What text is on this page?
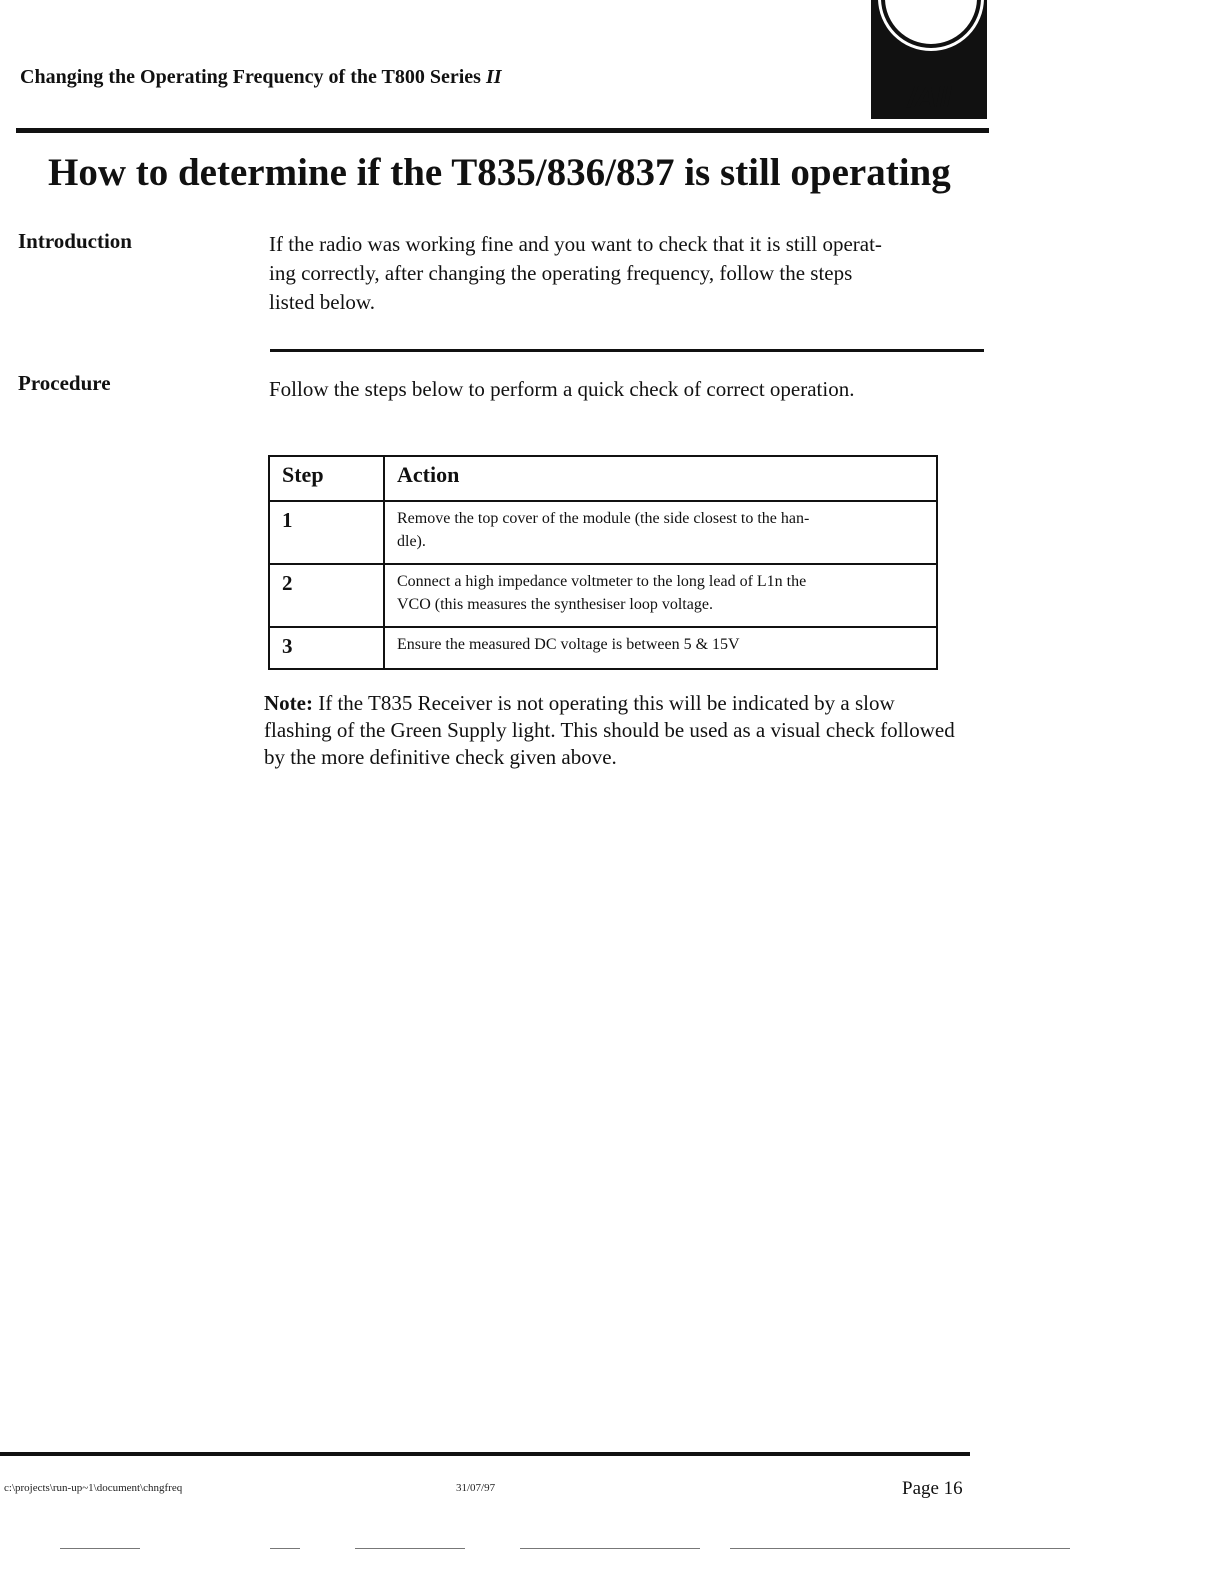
Changing the Operating Frequency of the T800 Series II
/All
How to determine if the T835/836/837 is still operating
Introduction	If the radio was working fine and you want to check that it is still operat-
ing correctly, after changing the operating frequency, follow the steps
listed below.
Procedure	Follow the steps below to perform a quick check of correct operation.
Step	Action
1	Remove the top cover of the module (the side closest to the han-
dle).
2	Connect a high impedance voltmeter to the long lead of L1n the
VCO (this measures the synthesiser loop voltage.
3	Ensure the measured DC voltage is between 5 & 15V
Note: If the T835 Receiver is not operating this will be indicated by a slow flashing of the Green Supply light. This should be used as a visual check followed by the more definitive check given above.
c:\projects\run-up~1\document\chngfreq	31/07/97	Page 16
